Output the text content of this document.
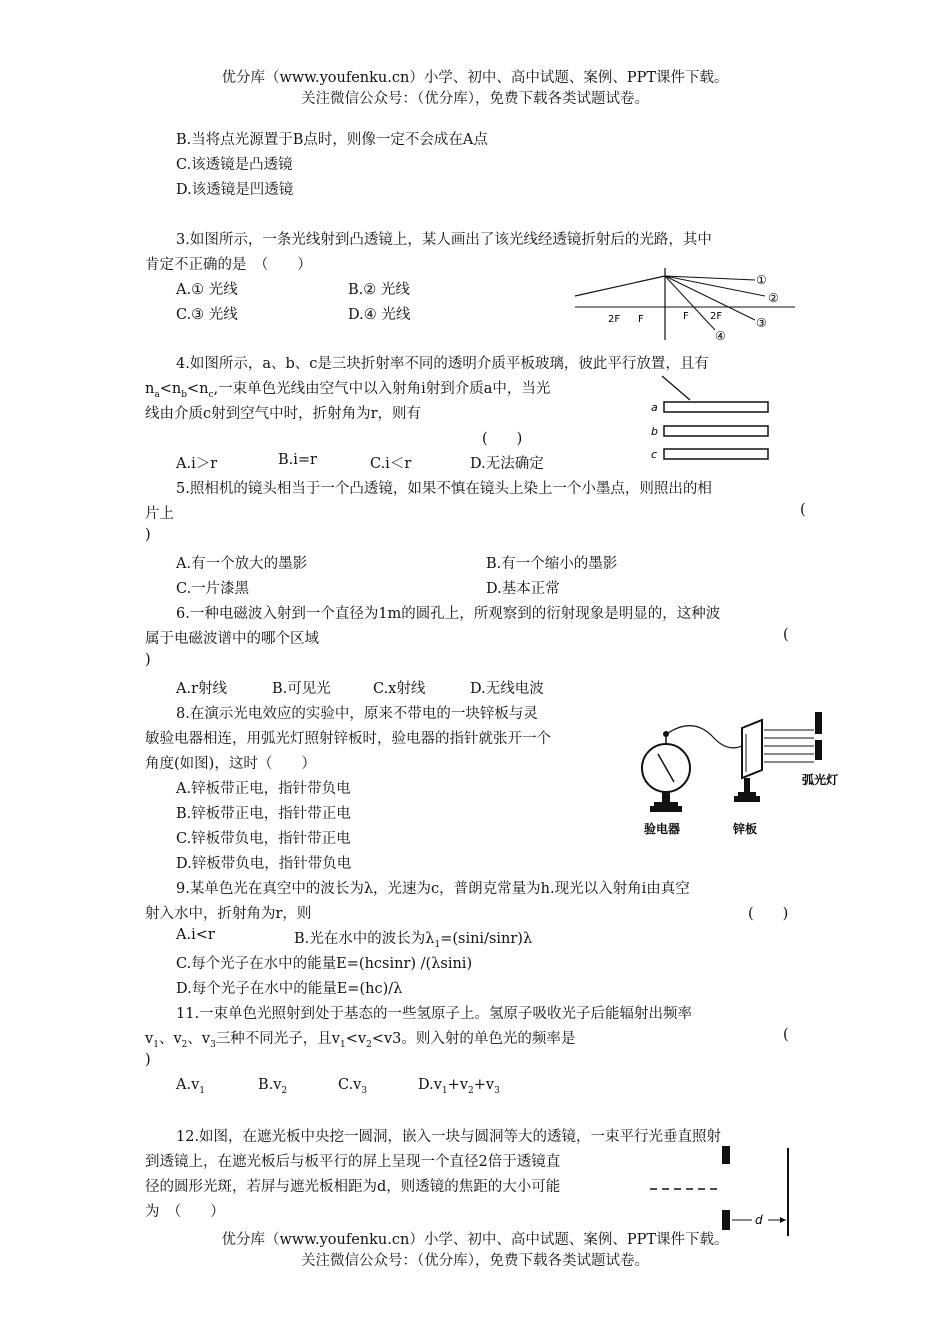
优分库（www.youfenku.cn）小学、初中、高中试题、案例、PPT课件下载。
关注微信公众号：（优分库），免费下载各类试题试卷。
B.当将点光源置于B点时，则像一定不会成在A点
C.该透镜是凸透镜
D.该透镜是凹透镜
3.如图所示，一条光线射到凸透镜上，某人画出了该光线经透镜折射后的光路，其中
肯定不正确的是　（　　）
A.① 光线	B.② 光线
C.③ 光线	D.④ 光线	2F F	F 2F
①
②
③
④
4.如图所示，a、b、c是三块折射率不同的透明介质平板玻璃，彼此平行放置，且有
$n_a<n_b<n_c$,一束单色光线由空气中以入射角i射到介质a中，当光
线由介质c射到空气中时，折射角为r，则有
(　　)
A.i＞r	B.i=r	C.i＜r	D.无法确定
a
b
c
5.照相机的镜头相当于一个凸透镜，如果不慎在镜头上染上一个小墨点，则照出的相
片上	(
)
A.有一个放大的墨影	B.有一个缩小的墨影
C.一片漆黑	D.基本正常
6.一种电磁波入射到一个直径为1m的圆孔上，所观察到的衍射现象是明显的，这种波
属于电磁波谱中的哪个区域	(
)
A.r射线	B.可见光	C.x射线	D.无线电波
8.在演示光电效应的实验中，原来不带电的一块锌板与灵
敏验电器相连，用弧光灯照射锌板时，验电器的指针就张开一个
角度(如图)，这时（　　）
A.锌板带正电，指针带负电
B.锌板带正电，指针带正电
C.锌板带负电，指针带正电
D.锌板带负电，指针带负电
弧光灯
验电器	锌板
9.某单色光在真空中的波长为λ，光速为c，普朗克常量为h.现光以入射角i由真空
射入水中，折射角为r，则	(　　)
A.i<r	B.光在水中的波长为$\lambda_1=(\sin i/\sin r)\lambda$
C.每个光子在水中的能量E=(hcsinr) /(λsini)
D.每个光子在水中的能量E=(hc)/λ
11.一束单色光照射到处于基态的一些氢原子上。氢原子吸收光子后能辐射出频率
$v_1$、$v_2$、$v_3$三种不同光子，且$v_1<v_2<v3$。则入射的单色光的频率是	(
)
$A.v_1$	$B.v_2$	$C.v_3$	$D.v_1+v_2+v_3$
12.如图，在遮光板中央挖一圆洞，嵌入一块与圆洞等大的透镜，一束平行光垂直照射
到透镜上，在遮光板后与板平行的屏上呈现一个直径2倍于透镜直
径的圆形光斑，若屏与遮光板相距为d，则透镜的焦距的大小可能
为　（　　）	d
优分库（www.youfenku.cn）小学、初中、高中试题、案例、PPT课件下载。
关注微信公众号：（优分库），免费下载各类试题试卷。
